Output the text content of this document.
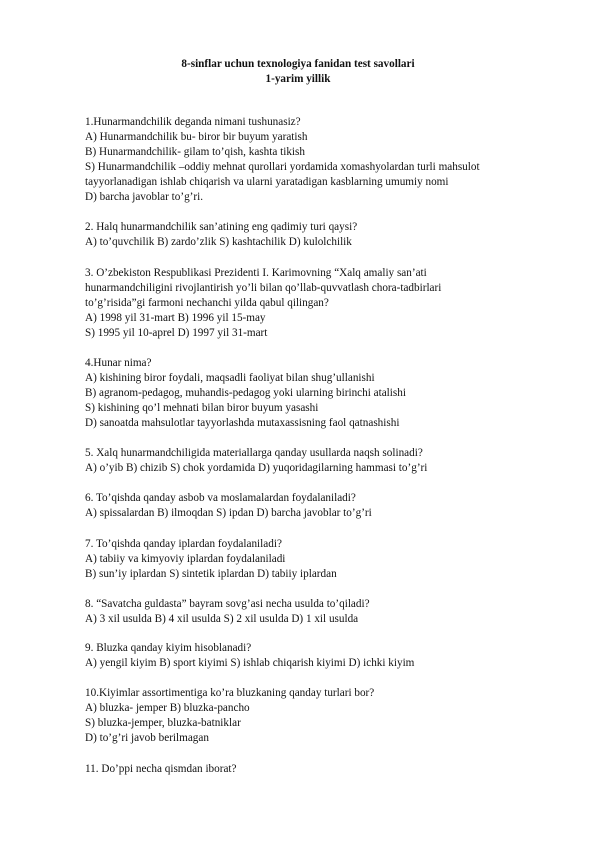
8-sinflar uchun texnologiya fanidan test savollari
1-yarim yillik
1.Hunarmandchilik deganda nimani tushunasiz?
A) Hunarmandchilik bu- biror bir buyum yaratish
B) Hunarmandchilik- gilam to’qish, kashta tikish
S) Hunarmandchilik –oddiy mehnat qurollari yordamida xomashyolardan turli mahsulot
tayyorlanadigan ishlab chiqarish va ularni yaratadigan kasblarning umumiy nomi
D) barcha javoblar to’g’ri.
2. Halq hunarmandchilik san’atining eng qadimiy turi qaysi?
A) to’quvchilik B) zardo’zlik S) kashtachilik D) kulolchilik
3. O’zbekiston Respublikasi Prezidenti I. Karimovning “Xalq amaliy san’ati
hunarmandchiligini rivojlantirish yo’li bilan qo’llab-quvvatlash chora-tadbirlari
to’g’risida”gi farmoni nechanchi yilda qabul qilingan?
A) 1998 yil 31-mart B) 1996 yil 15-may
S) 1995 yil 10-aprel D) 1997 yil 31-mart
4.Hunar nima?
A) kishining biror foydali, maqsadli faoliyat bilan shug’ullanishi
B) agranom-pedagog, muhandis-pedagog yoki ularning birinchi atalishi
S) kishining qo’l mehnati bilan biror buyum yasashi
D) sanoatda mahsulotlar tayyorlashda mutaxassisning faol qatnashishi
5. Xalq hunarmandchiligida materiallarga qanday usullarda naqsh solinadi?
A) o’yib B) chizib S) chok yordamida D) yuqoridagilarning hammasi to’g’ri
6. To’qishda qanday asbob va moslamalardan foydalaniladi?
A) spissalardan B) ilmoqdan S) ipdan D) barcha javoblar to’g’ri
7. To’qishda qanday iplardan foydalaniladi?
A) tabiiy va kimyoviy iplardan foydalaniladi
B) sun’iy iplardan S) sintetik iplardan D) tabiiy iplardan
8. “Savatcha guldasta” bayram sovg’asi necha usulda to’qiladi?
A) 3 xil usulda B) 4 xil usulda S) 2 xil usulda D) 1 xil usulda
9. Bluzka qanday kiyim hisoblanadi?
A) yengil kiyim B) sport kiyimi S) ishlab chiqarish kiyimi D) ichki kiyim
10.Kiyimlar assortimentiga ko’ra bluzkaning qanday turlari bor?
A) bluzka- jemper B) bluzka-pancho
S) bluzka-jemper, bluzka-batniklar
D) to’g’ri javob berilmagan
11. Do’ppi necha qismdan iborat?
